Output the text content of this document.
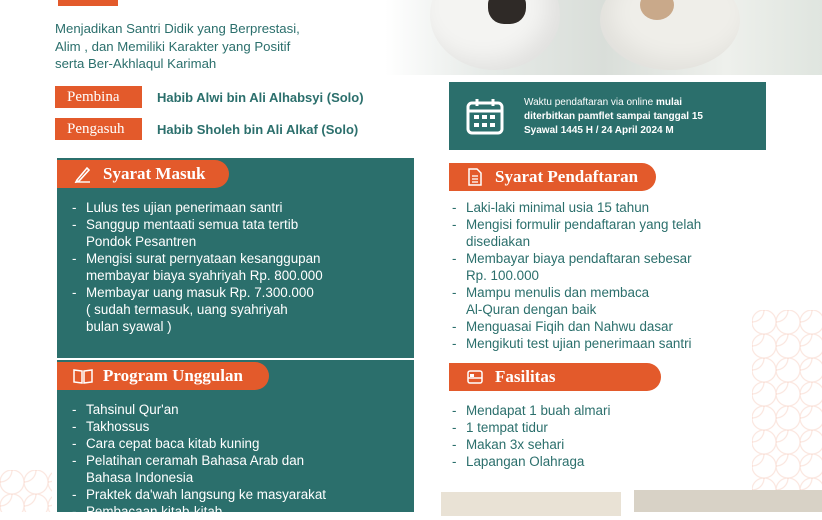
Menjadikan Santri Didik yang Berprestasi,
Alim , dan Memiliki Karakter yang Positif
serta Ber-Akhlaqul Karimah
Pembina	Habib Alwi bin Ali Alhabsyi (Solo)
Pengasuh	Habib Sholeh bin Ali Alkaf (Solo)
Waktu pendaftaran via online mulai
diterbitkan pamflet sampai tanggal 15
Syawal 1445 H / 24 April 2024 M
Syarat Masuk
- Lulus tes ujian penerimaan santri
- Sanggup mentaati semua tata tertib
Pondok Pesantren
- Mengisi surat pernyataan kesanggupan
membayar biaya syahriyah Rp. 800.000
- Membayar uang masuk Rp. 7.300.000
( sudah termasuk, uang syahriyah
bulan syawal )
Program Unggulan
- Tahsinul Qur'an
- Takhossus
- Cara cepat baca kitab kuning
- Pelatihan ceramah Bahasa Arab dan
Bahasa Indonesia
- Praktek da'wah langsung ke masyarakat
- Pembacaan kitab-kitab
Syarat Pendaftaran
- Laki-laki minimal usia 15 tahun
- Mengisi formulir pendaftaran yang telah
disediakan
- Membayar biaya pendaftaran sebesar
Rp. 100.000
- Mampu menulis dan membaca
Al-Quran dengan baik
- Menguasai Fiqih dan Nahwu dasar
- Mengikuti test ujian penerimaan santri
Fasilitas
- Mendapat 1 buah almari
- 1 tempat tidur
- Makan 3x sehari
- Lapangan Olahraga
